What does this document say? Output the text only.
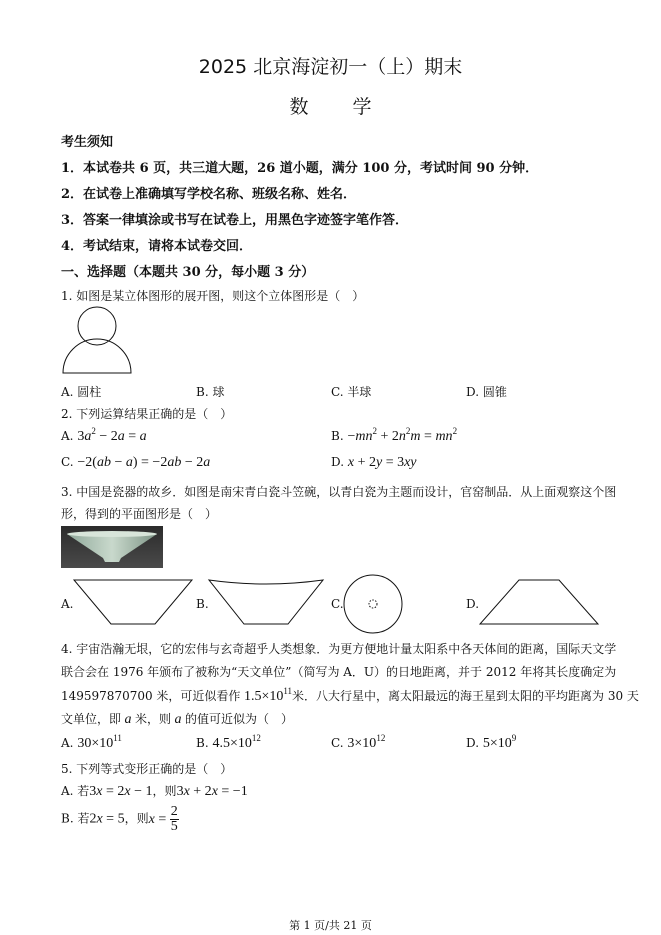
2025 北京海淀初一（上）期末
数学
考生须知
1．本试卷共 6 页，共三道大题，26 道小题，满分 100 分，考试时间 90 分钟．
2．在试卷上准确填写学校名称、班级名称、姓名．
3．答案一律填涂或书写在试卷上，用黑色字迹签字笔作答．
4．考试结束，请将本试卷交回．
一、选择题（本题共 30 分，每小题 3 分）
1. 如图是某立体图形的展开图，则这个立体图形是（　）
A. 圆柱	B. 球	C. 半球	D. 圆锥
2. 下列运算结果正确的是（　）
A. $3a^2 - 2a = a$	B. $-mn^2 + 2n^2m = mn^2$
C. −2(ab − a) = −2ab − 2a	D. x + 2y = 3xy
3. 中国是瓷器的故乡．如图是南宋青白瓷斗笠碗，以青白瓷为主题而设计，官窑制品．从上面观察这个图
形，得到的平面图形是（　）
A.	B.	C.	D.
4. 宇宙浩瀚无垠，它的宏伟与玄奇超乎人类想象．为更方便地计量太阳系中各天体间的距离，国际天文学
联合会在 1976 年颁布了被称为“天文单位”（简写为 A．U）的日地距离，并于 2012 年将其长度确定为
149597870700 米，可近似看作 $1.5\times 10^{11}$米．八大行星中，离太阳最远的海王星到太阳的平均距离为 30 天
文单位，即 a 米，则 a 的值可近似为（　）
A. $30\times 10^{11}$	B. $4.5\times 10^{12}$	C. $3\times 10^{12}$	D. $5\times 10^9$
5. 下列等式变形正确的是（　）
A. 若3x = 2x − 1，则3x + 2x = −1
B. 若2x = 5，则$x = \frac{2}{5}$
第 1 页/共 21 页
